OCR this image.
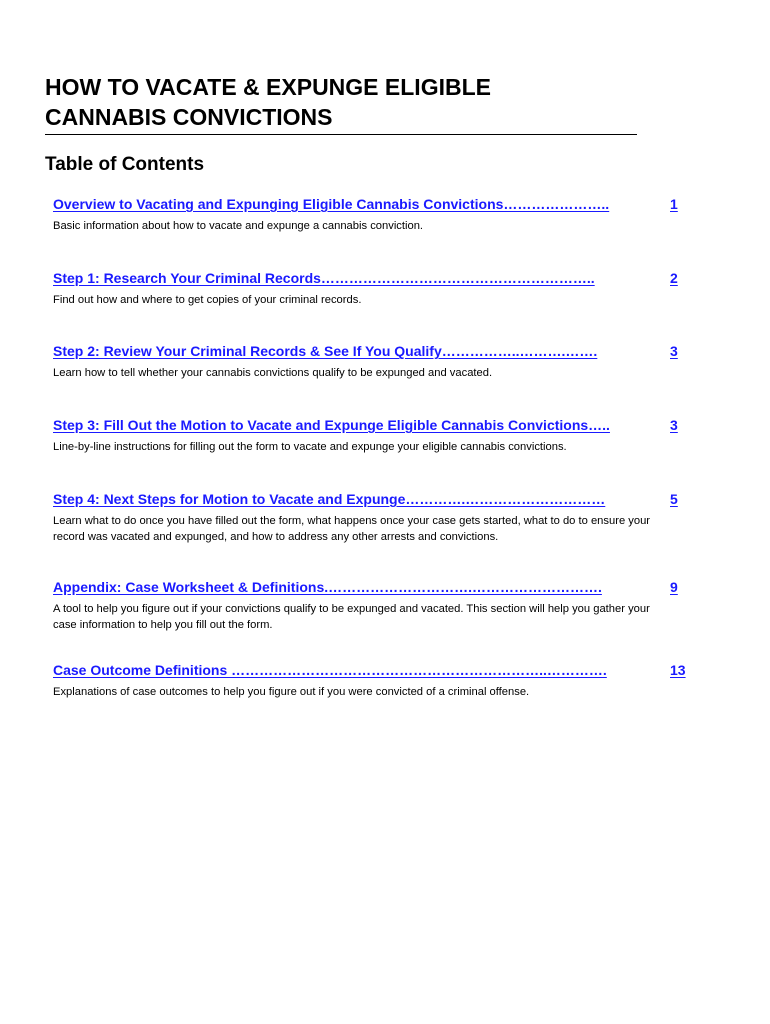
HOW TO VACATE & EXPUNGE ELIGIBLE
CANNABIS CONVICTIONS
Table of Contents
Overview to Vacating and Expunging Eligible Cannabis Convictions…………………..	1
Basic information about how to vacate and expunge a cannabis conviction.
Step 1: Research Your Criminal Records…………………………………………………..	2
Find out how and where to get copies of your criminal records.
Step 2: Review Your Criminal Records & See If You Qualify……………..……….…….	3
Learn how to tell whether your cannabis convictions qualify to be expunged and vacated.
Step 3: Fill Out the Motion to Vacate and Expunge Eligible Cannabis Convictions…..	3
Line-by-line instructions for filling out the form to vacate and expunge your eligible cannabis convictions.
Step 4: Next Steps for Motion to Vacate and Expunge………….…………………………	5
Learn what to do once you have filled out the form, what happens once your case gets started, what to do to ensure your record was vacated and expunged, and how to address any other arrests and convictions.
Appendix: Case Worksheet & Definitions.………………………….……………………….	9
A tool to help you figure out if your convictions qualify to be expunged and vacated. This section will help you gather your case information to help you fill out the form.
Case Outcome Definitions …………………………………………………………..………….	13
Explanations of case outcomes to help you figure out if you were convicted of a criminal offense.
